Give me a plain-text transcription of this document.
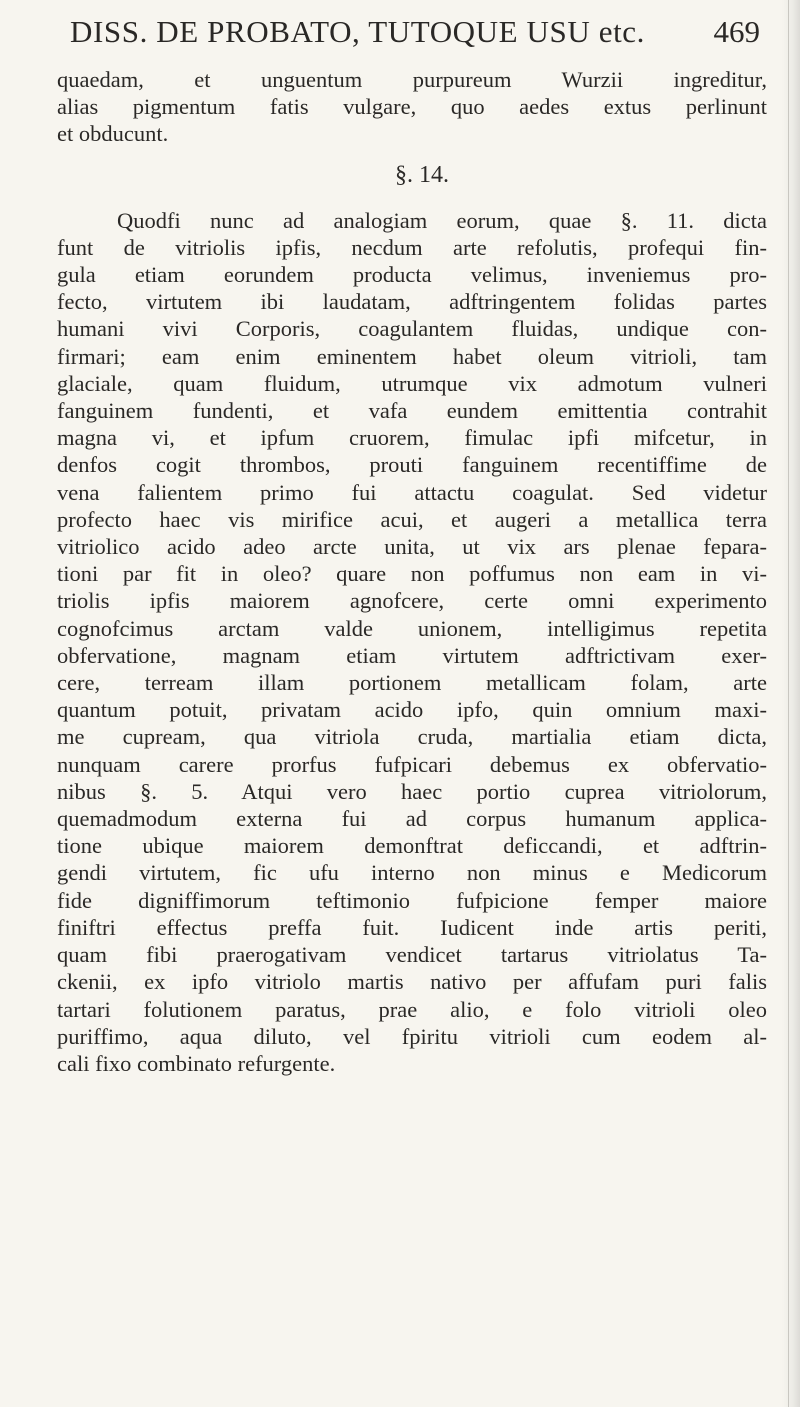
DISS. DE PROBATO, TUTOQUE USU etc. 469
quaedam, et unguentum purpureum Wurzii ingreditur,
alias pigmentum fatis vulgare, quo aedes extus perlinunt
et obducunt.
§. 14.
Quodfi nunc ad analogiam eorum, quae §. 11. dicta
funt de vitriolis ipfis, necdum arte refolutis, profequi fin-
gula etiam eorundem productа velimus, inveniemus pro-
fecto, virtutem ibi laudatam, adftringentem folidas partes
humani vivi Corporis, coagulantem fluidas, undique con-
firmari; eam enim eminentem habet oleum vitrioli, tam
glaciale, quam fluidum, utrumque vix admotum vulneri
fanguinem fundenti, et vafa eundem emittentia contrahit
magna vi, et ipfum cruorem, fimulac ipfi mifcetur, in
denfos cogit thrombos, prouti fanguinem recentiffime de
vena falientem primo fui attactu coagulat. Sed videtur
profecto haec vis mirifice acui, et augeri a metallica terra
vitriolico acido adeo arcte unita, ut vix ars plenae fepara-
tioni par fit in oleo? quare non poffumus non eam in vi-
triolis ipfis maiorem agnofcere, certe omni experimento
cognofcimus arctam valde unionem, intelligimus repetita
obfervatione, magnam etiam virtutem adftrictivam exer-
cere, terream illam portionem metallicam folam, arte
quantum potuit, privatam acido ipfo, quin omnium maxi-
me cupream, qua vitriola cruda, martialia etiam dicta,
nunquam carere prorfus fufpicari debemus ex obfervatio-
nibus §. 5. Atqui vero haec portio cuprea vitriolorum,
quemadmodum externa fui ad corpus humanum applica-
tione ubique maiorem demonftrat deficcandi, et adftrin-
gendi virtutem, fic ufu interno non minus e Medicorum
fide digniffimorum teftimonio fufpicione femper maiore
finiftri effectus preffa fuit. Iudicent inde artis periti,
quam fibi praerogativam vendicet tartarus vitriolatus Ta-
ckenii, ex ipfo vitriolo martis nativo per affufam puri falis
tartari folutionem paratus, prae alio, e folo vitrioli oleo
puriffimo, aqua diluto, vel fpiritu vitrioli cum eodem al-
cali fixo combinato refurgente.
